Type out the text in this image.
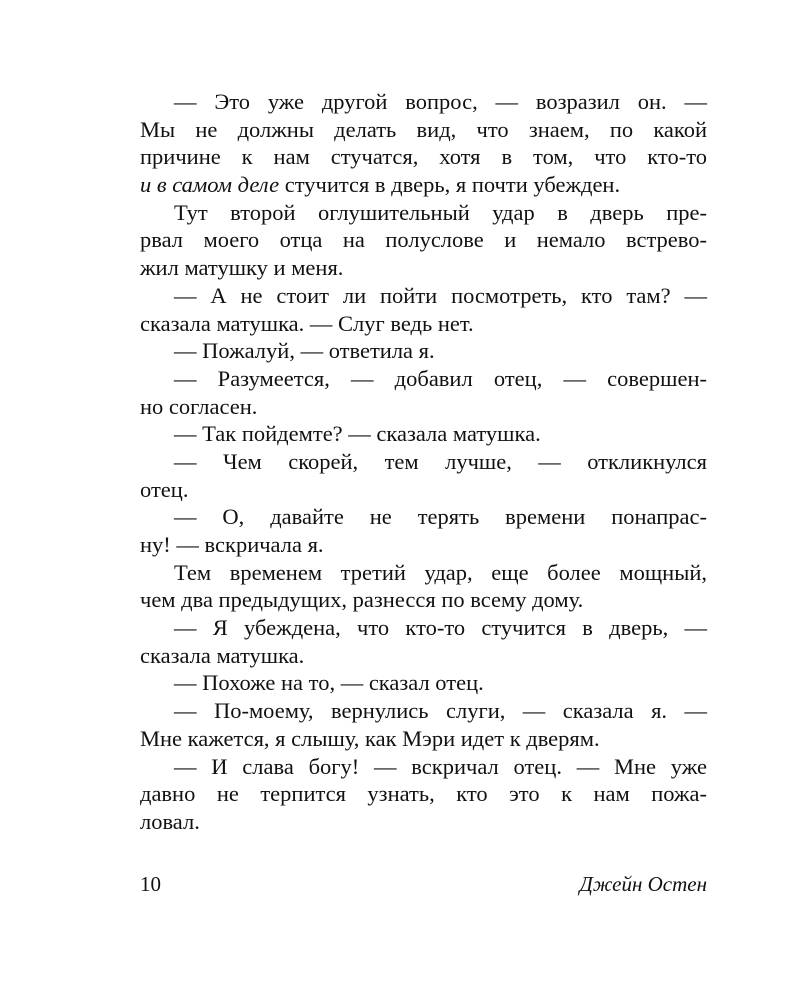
— Это уже другой вопрос, — возразил он. —
Мы не должны делать вид, что знаем, по какой
причине к нам стучатся, хотя в том, что кто-то
и в самом деле стучится в дверь, я почти убежден.
Тут второй оглушительный удар в дверь пре-
рвал моего отца на полуслове и немало встрево-
жил матушку и меня.
— А не стоит ли пойти посмотреть, кто там? —
сказала матушка. — Слуг ведь нет.
— Пожалуй, — ответила я.
— Разумеется, — добавил отец, — совершен-
но согласен.
— Так пойдемте? — сказала матушка.
— Чем скорей, тем лучше, — откликнулся
отец.
— О, давайте не терять времени понапрас-
ну! — вскричала я.
Тем временем третий удар, еще более мощный,
чем два предыдущих, разнесся по всему дому.
— Я убеждена, что кто-то стучится в дверь, —
сказала матушка.
— Похоже на то, — сказал отец.
— По-моему, вернулись слуги, — сказала я. —
Мне кажется, я слышу, как Мэри идет к дверям.
— И слава богу! — вскричал отец. — Мне уже
давно не терпится узнать, кто это к нам пожа-
ловал.
10	Джейн Остен
